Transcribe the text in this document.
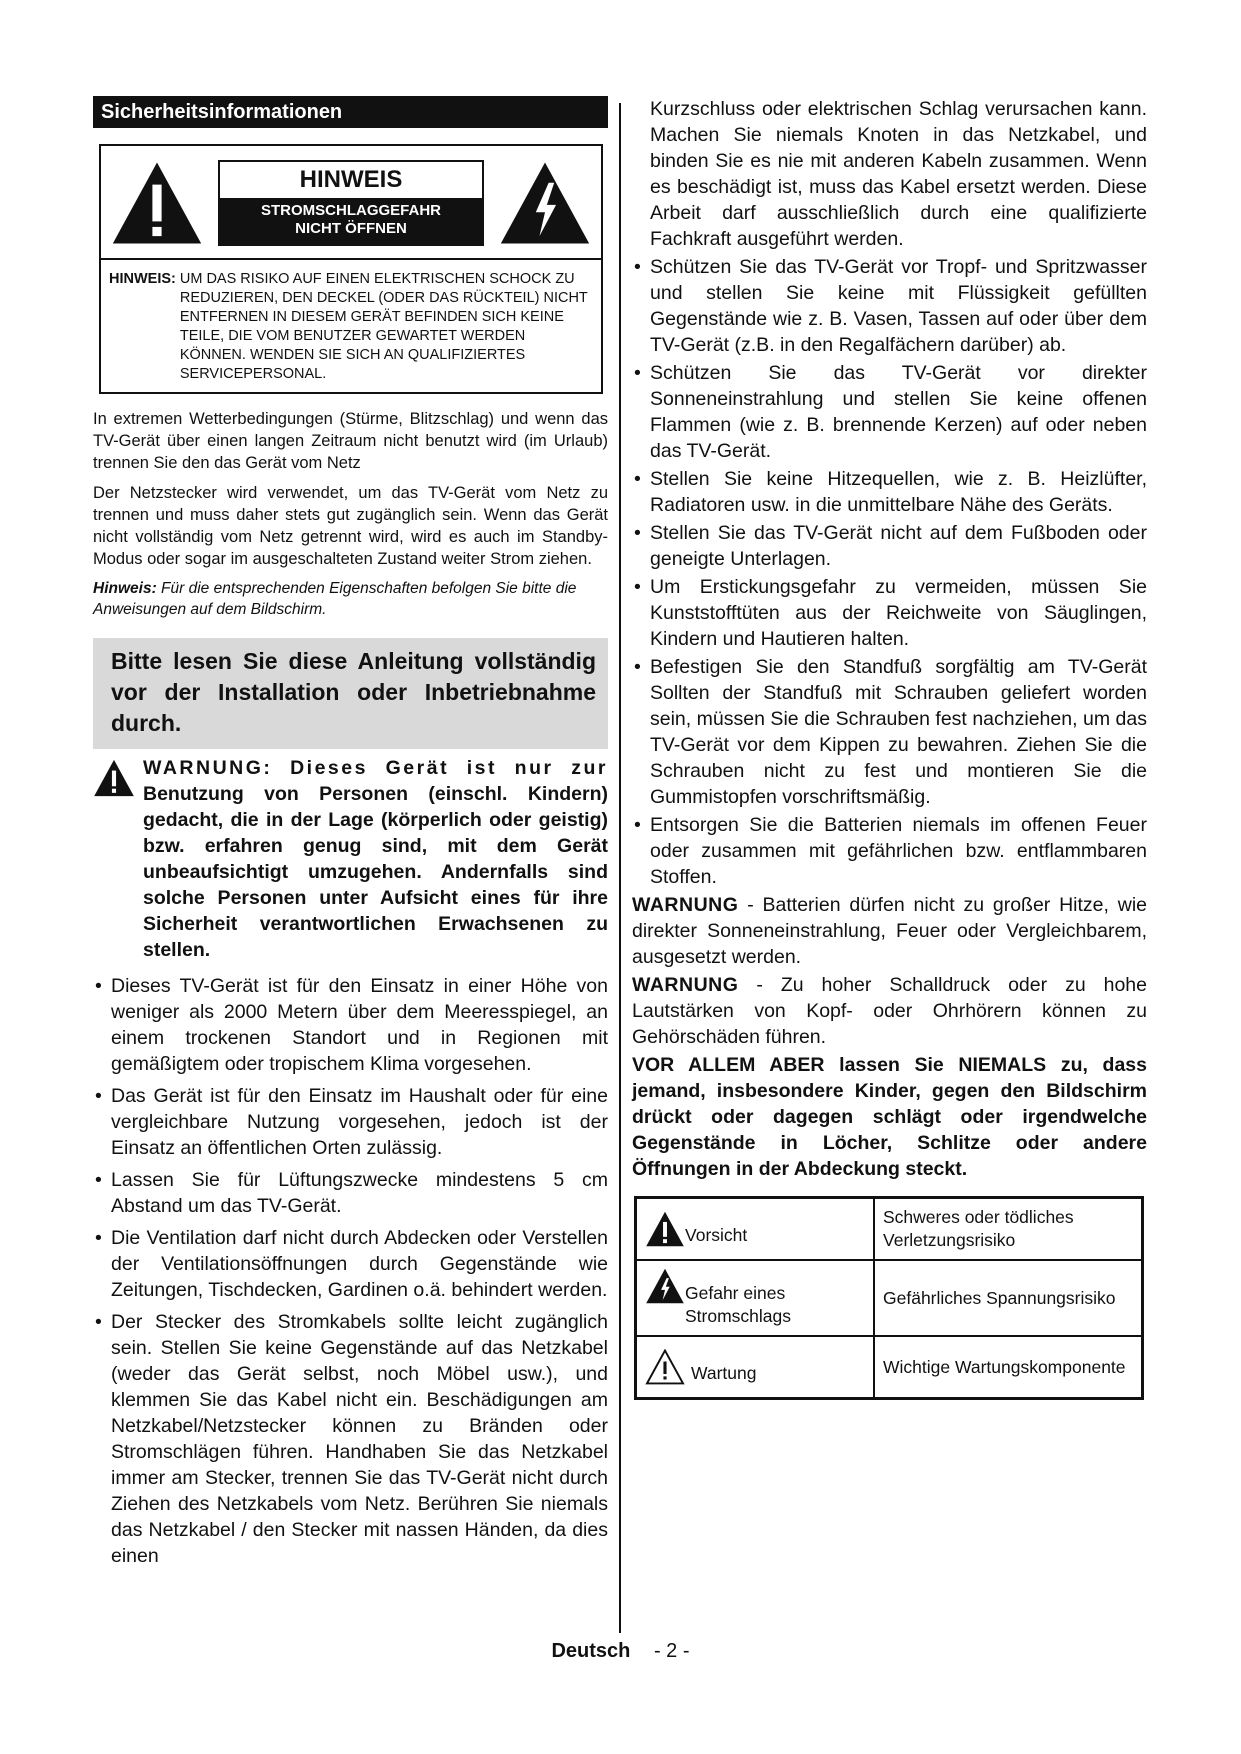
Sicherheitsinformationen
HINWEIS
STROMSCHLAGGEFAHR
NICHT ÖFFNEN
HINWEIS: UM DAS RISIKO AUF EINEN ELEKTRISCHEN SCHOCK ZU REDUZIEREN, DEN DECKEL (ODER DAS RÜCKTEIL) NICHT ENTFERNEN IN DIESEM GERÄT BEFINDEN SICH KEINE TEILE, DIE VOM BENUTZER GEWARTET WERDEN KÖNNEN. WENDEN SIE SICH AN QUALIFIZIERTES SERVICEPERSONAL.

In extremen Wetterbedingungen (Stürme, Blitzschlag) und wenn das TV-Gerät über einen langen Zeitraum nicht benutzt wird (im Urlaub) trennen Sie den das Gerät vom Netz

Der Netzstecker wird verwendet, um das TV-Gerät vom Netz zu trennen und muss daher stets gut zugänglich sein. Wenn das Gerät nicht vollständig vom Netz getrennt wird, wird es auch im Standby-Modus oder sogar im ausgeschalteten Zustand weiter Strom ziehen.

Hinweis: Für die entsprechenden Eigenschaften befolgen Sie bitte die Anweisungen auf dem Bildschirm.

Bitte lesen Sie diese Anleitung vollständig vor der Installation oder Inbetriebnahme durch.
WARNUNG: Dieses Gerät ist nur zur Benutzung von Personen (einschl. Kindern) gedacht, die in der Lage (körperlich oder geistig) bzw. erfahren genug sind, mit dem Gerät unbeaufsichtigt umzugehen. Andernfalls sind solche Personen unter Aufsicht eines für ihre Sicherheit verantwortlichen Erwachsenen zu stellen.
• Dieses TV-Gerät ist für den Einsatz in einer Höhe von weniger als 2000 Metern über dem Meeresspiegel, an einem trockenen Standort und in Regionen mit gemäßigtem oder tropischem Klima vorgesehen.
• Das Gerät ist für den Einsatz im Haushalt oder für eine vergleichbare Nutzung vorgesehen, jedoch ist der Einsatz an öffentlichen Orten zulässig.
• Lassen Sie für Lüftungszwecke mindestens 5 cm Abstand um das TV-Gerät.
• Die Ventilation darf nicht durch Abdecken oder Verstellen der Ventilationsöffnungen durch Gegenstände wie Zeitungen, Tischdecken, Gardinen o.ä. behindert werden.
• Der Stecker des Stromkabels sollte leicht zugänglich sein. Stellen Sie keine Gegenstände auf das Netzkabel (weder das Gerät selbst, noch Möbel usw.), und klemmen Sie das Kabel nicht ein. Beschädigungen am Netzkabel/Netzstecker können zu Bränden oder Stromschlägen führen. Handhaben Sie das Netzkabel immer am Stecker, trennen Sie das TV-Gerät nicht durch Ziehen des Netzkabels vom Netz. Berühren Sie niemals das Netzkabel / den Stecker mit nassen Händen, da dies einen

Kurzschluss oder elektrischen Schlag verursachen kann. Machen Sie niemals Knoten in das Netzkabel, und binden Sie es nie mit anderen Kabeln zusammen. Wenn es beschädigt ist, muss das Kabel ersetzt werden. Diese Arbeit darf ausschließlich durch eine qualifizierte Fachkraft ausgeführt werden.

• Schützen Sie das TV-Gerät vor Tropf- und Spritzwasser und stellen Sie keine mit Flüssigkeit gefüllten Gegenstände wie z. B. Vasen, Tassen auf oder über dem TV-Gerät (z.B. in den Regalfächern darüber) ab.
• Schützen Sie das TV-Gerät vor direkter Sonneneinstrahlung und stellen Sie keine offenen Flammen (wie z. B. brennende Kerzen) auf oder neben das TV-Gerät.
• Stellen Sie keine Hitzequellen, wie z. B. Heizlüfter, Radiatoren usw. in die unmittelbare Nähe des Geräts.
• Stellen Sie das TV-Gerät nicht auf dem Fußboden oder geneigte Unterlagen.
• Um Erstickungsgefahr zu vermeiden, müssen Sie Kunststofftüten aus der Reichweite von Säuglingen, Kindern und Hautieren halten.
• Befestigen Sie den Standfuß sorgfältig am TV-Gerät Sollten der Standfuß mit Schrauben geliefert worden sein, müssen Sie die Schrauben fest nachziehen, um das TV-Gerät vor dem Kippen zu bewahren. Ziehen Sie die Schrauben nicht zu fest und montieren Sie die Gummistopfen vorschriftsmäßig.
• Entsorgen Sie die Batterien niemals im offenen Feuer oder zusammen mit gefährlichen bzw. entflammbaren Stoffen.

WARNUNG - Batterien dürfen nicht zu großer Hitze, wie direkter Sonneneinstrahlung, Feuer oder Vergleichbarem, ausgesetzt werden.

WARNUNG - Zu hoher Schalldruck oder zu hohe Lautstärken von Kopf- oder Ohrhörern können zu Gehörschäden führen.

VOR ALLEM ABER lassen Sie NIEMALS zu, dass jemand, insbesondere Kinder, gegen den Bildschirm drückt oder dagegen schlägt oder irgendwelche Gegenstände in Löcher, Schlitze oder andere Öffnungen in der Abdeckung steckt.

Vorsicht	Schweres oder tödliches Verletzungsrisiko

Gefahr eines Stromschlags	Gefährliches Spannungsrisiko

Wartung	Wichtige Wartungskomponente
Deutsch - 2 -
